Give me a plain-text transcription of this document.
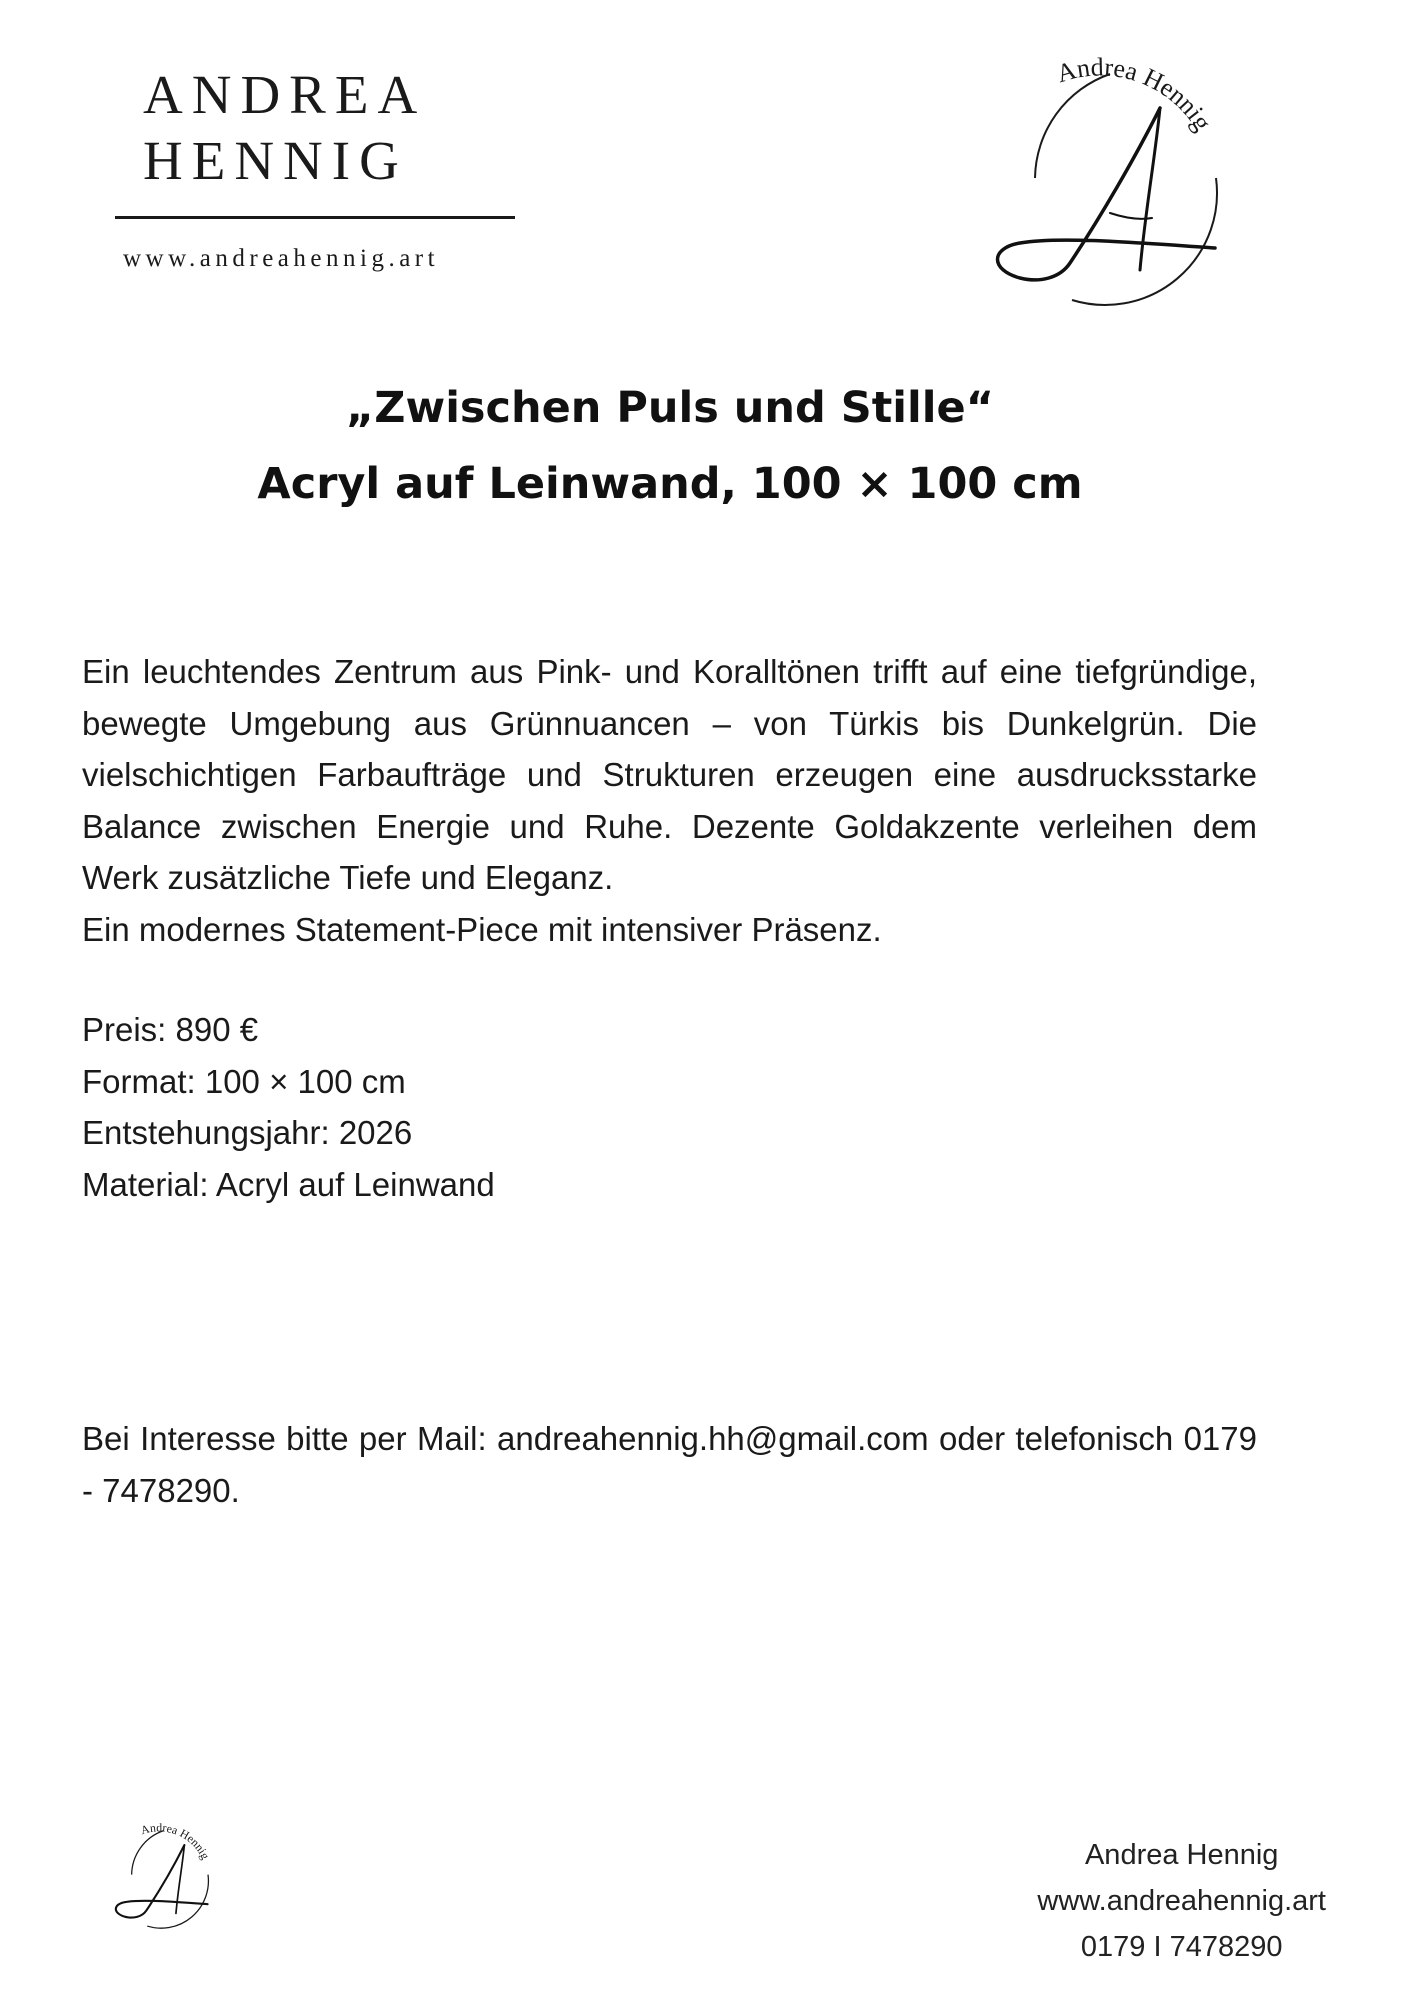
ANDREA
HENNIG
www.andreahennig.art
Andrea Hennig
„Zwischen Puls und Stille“
Acryl auf Leinwand, 100 × 100 cm
Ein leuchtendes Zentrum aus Pink- und Koralltönen trifft auf eine tiefgründige, bewegte Umgebung aus Grünnuancen – von Türkis bis Dunkelgrün. Die vielschichtigen Farbaufträge und Strukturen erzeugen eine ausdrucksstarke Balance zwischen Energie und Ruhe. Dezente Goldakzente verleihen dem Werk zusätzliche Tiefe und Eleganz.
Ein modernes Statement-Piece mit intensiver Präsenz.
Preis: 890 €
Format: 100 × 100 cm
Entstehungsjahr: 2026
Material: Acryl auf Leinwand
Bei Interesse bitte per Mail: andreahennig.hh@gmail.com oder telefonisch 0179 - 7478290.
Andrea Hennig	Andrea Hennig
www.andreahennig.art
0179 I 7478290
